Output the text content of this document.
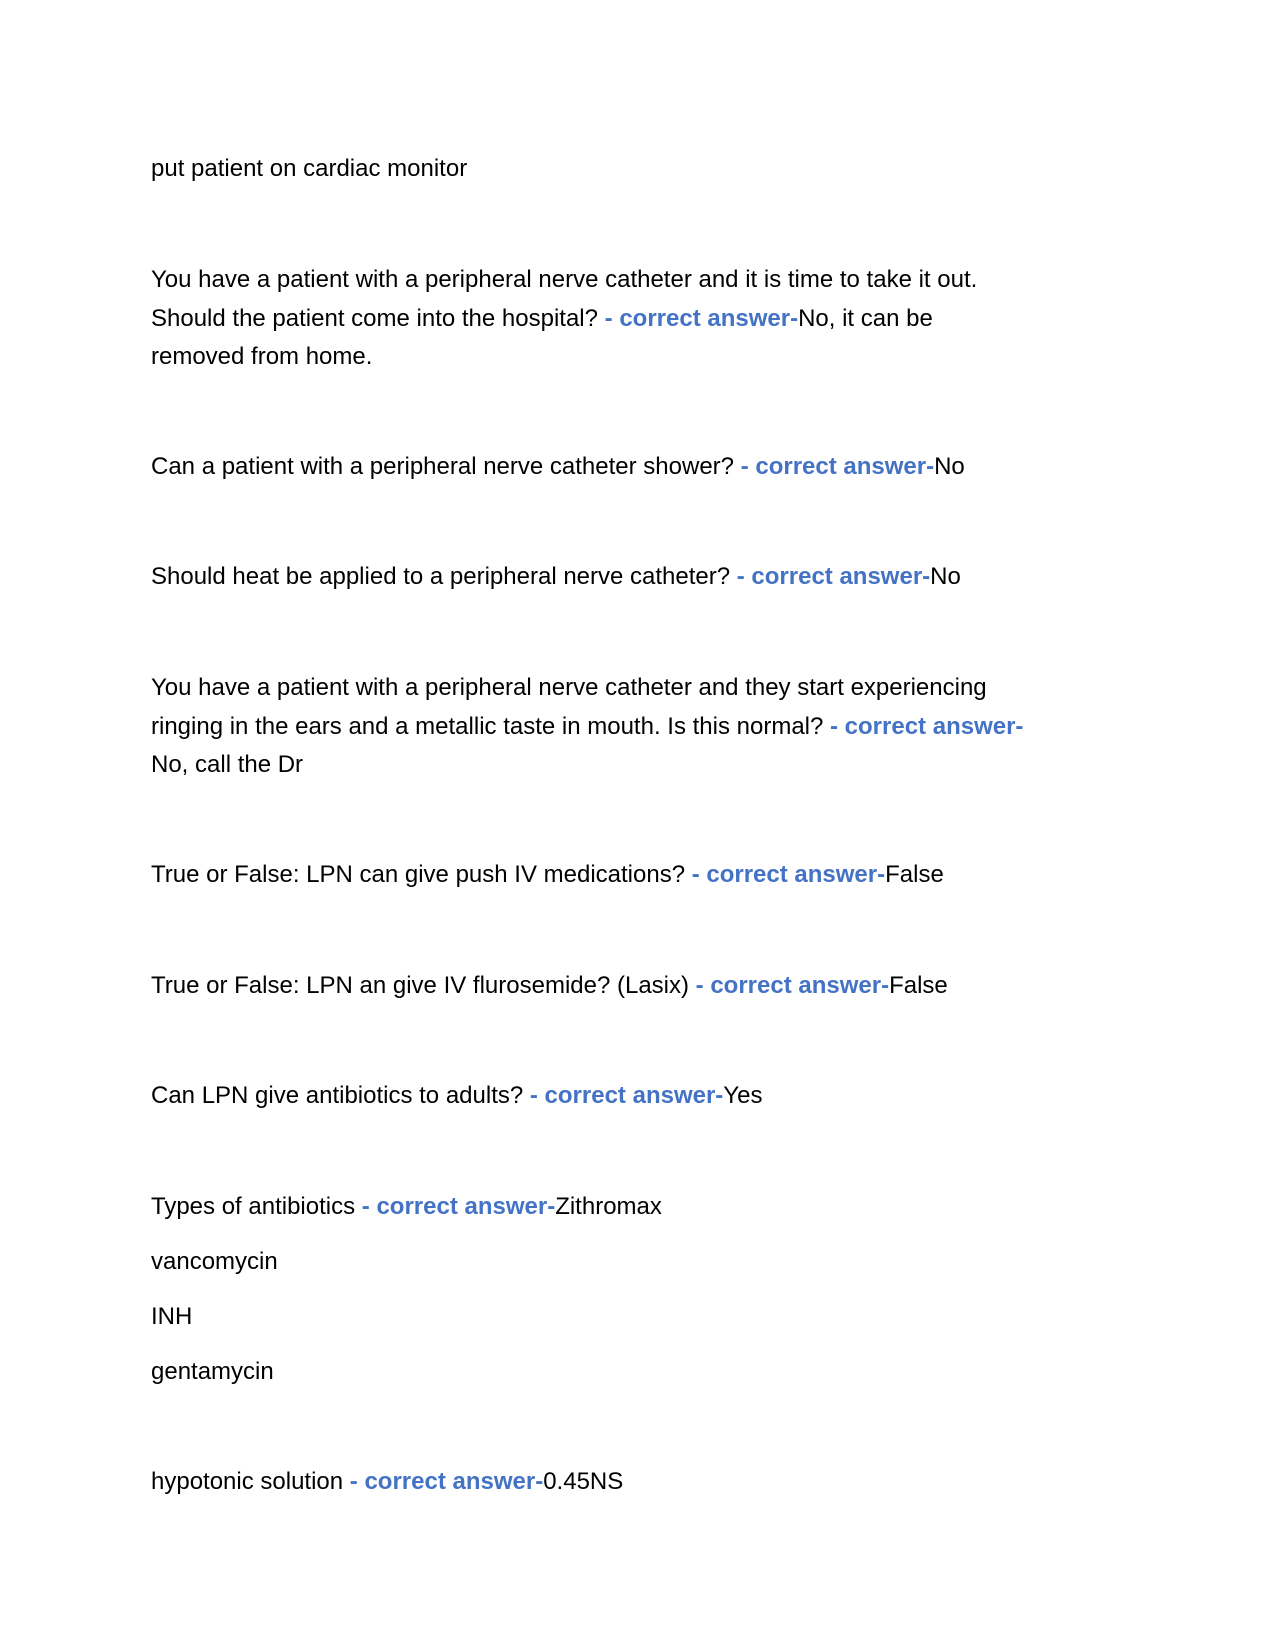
put patient on cardiac monitor
You have a patient with a peripheral nerve catheter and it is time to take it out.
Should the patient come into the hospital? - correct answer-No, it can be
removed from home.
Can a patient with a peripheral nerve catheter shower? - correct answer-No
Should heat be applied to a peripheral nerve catheter? - correct answer-No
You have a patient with a peripheral nerve catheter and they start experiencing
ringing in the ears and a metallic taste in mouth. Is this normal? - correct answer-
No, call the Dr
True or False: LPN can give push IV medications? - correct answer-False
True or False: LPN an give IV flurosemide? (Lasix) - correct answer-False
Can LPN give antibiotics to adults? - correct answer-Yes
Types of antibiotics - correct answer-Zithromax
vancomycin
INH
gentamycin
hypotonic solution - correct answer-0.45NS
